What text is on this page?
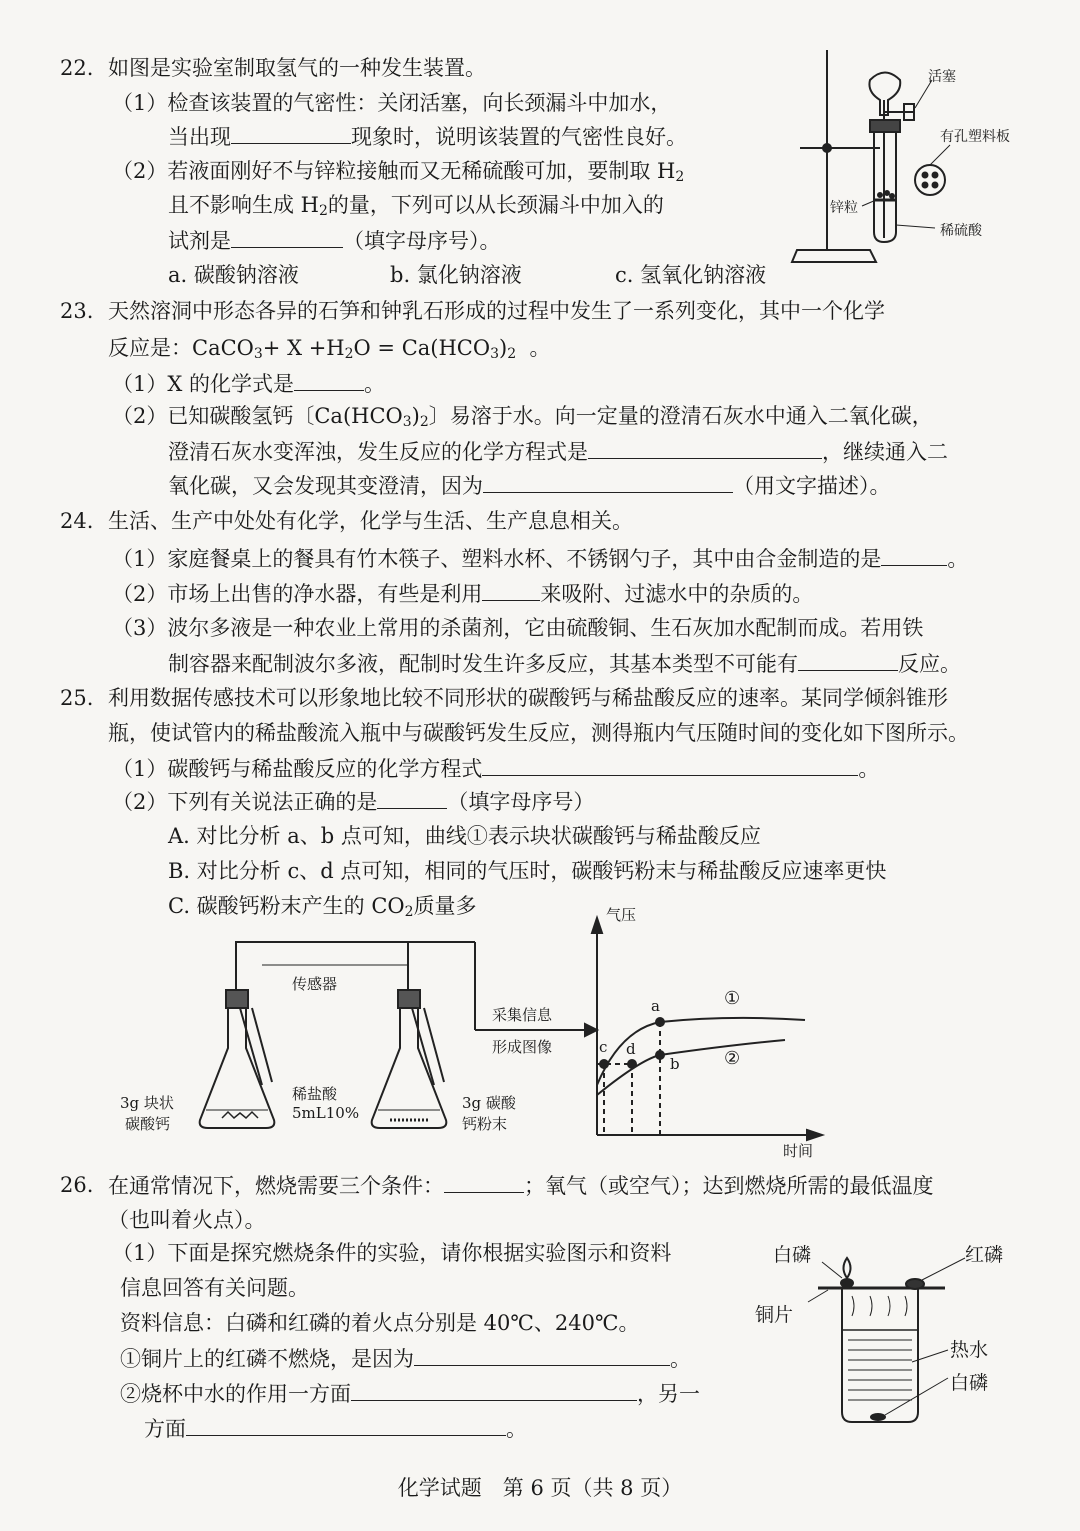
22. 如图是实验室制取氢气的一种发生装置。
（1）检查该装置的气密性：关闭活塞，向长颈漏斗中加水，
当出现	现象时，说明该装置的气密性良好。
（2）若液面刚好不与锌粒接触而又无稀硫酸可加，要制取 $H_2$
且不影响生成 $H_2$的量，下列可以从长颈漏斗中加入的
试剂是	（填字母序号）。
a. 碳酸钠溶液	b. 氯化钠溶液	c. 氢氧化钠溶液
活塞
有孔塑料板
锌粒
稀硫酸
23. 天然溶洞中形态各异的石笋和钟乳石形成的过程中发生了一系列变化，其中一个化学
反应是：CaCO$_3$+ $X +H_2O = Ca(HCO_3)_2$ 。
（1）X 的化学式是	。
（2）已知碳酸氢钙〔$Ca(HCO_3)_2$〕易溶于水。向一定量的澄清石灰水中通入二氧化碳，
澄清石灰水变浑浊，发生反应的化学方程式是	，继续通入二
氧化碳，又会发现其变澄清，因为	（用文字描述）。
24. 生活、生产中处处有化学，化学与生活、生产息息相关。
（1）家庭餐桌上的餐具有竹木筷子、塑料水杯、不锈钢勺子，其中由合金制造的是	。
（2）市场上出售的净水器，有些是利用	来吸附、过滤水中的杂质的。
（3）波尔多液是一种农业上常用的杀菌剂，它由硫酸铜、生石灰加水配制而成。若用铁
制容器来配制波尔多液，配制时发生许多反应，其基本类型不可能有	反应。
25. 利用数据传感技术可以形象地比较不同形状的碳酸钙与稀盐酸反应的速率。某同学倾斜锥形
瓶，使试管内的稀盐酸流入瓶中与碳酸钙发生反应，测得瓶内气压随时间的变化如下图所示。
（1）碳酸钙与稀盐酸反应的化学方程式	。
（2）下列有关说法正确的是	（填字母序号）
A. 对比分析 a、b 点可知，曲线①表示块状碳酸钙与稀盐酸反应
B. 对比分析 c、d 点可知，相同的气压时，碳酸钙粉末与稀盐酸反应速率更快
C. 碳酸钙粉末产生的 $CO_2$质量多
传感器
采集信息
形成图像
3g 块状
碳酸钙
稀盐酸
5mL10%
3g 碳酸
钙粉末
气压
时间
a
b
c d
①
②
26. 在通常情况下，燃烧需要三个条件：	；氧气（或空气）；达到燃烧所需的最低温度
（也叫着火点）。
（1）下面是探究燃烧条件的实验，请你根据实验图示和资料
信息回答有关问题。
资料信息：白磷和红磷的着火点分别是 40℃、240℃。
①铜片上的红磷不燃烧，是因为	。
②烧杯中水的作用一方面	，另一
方面	。
白磷	红磷
铜片
热水
白磷
化学试题　第 6 页（共 8 页）
